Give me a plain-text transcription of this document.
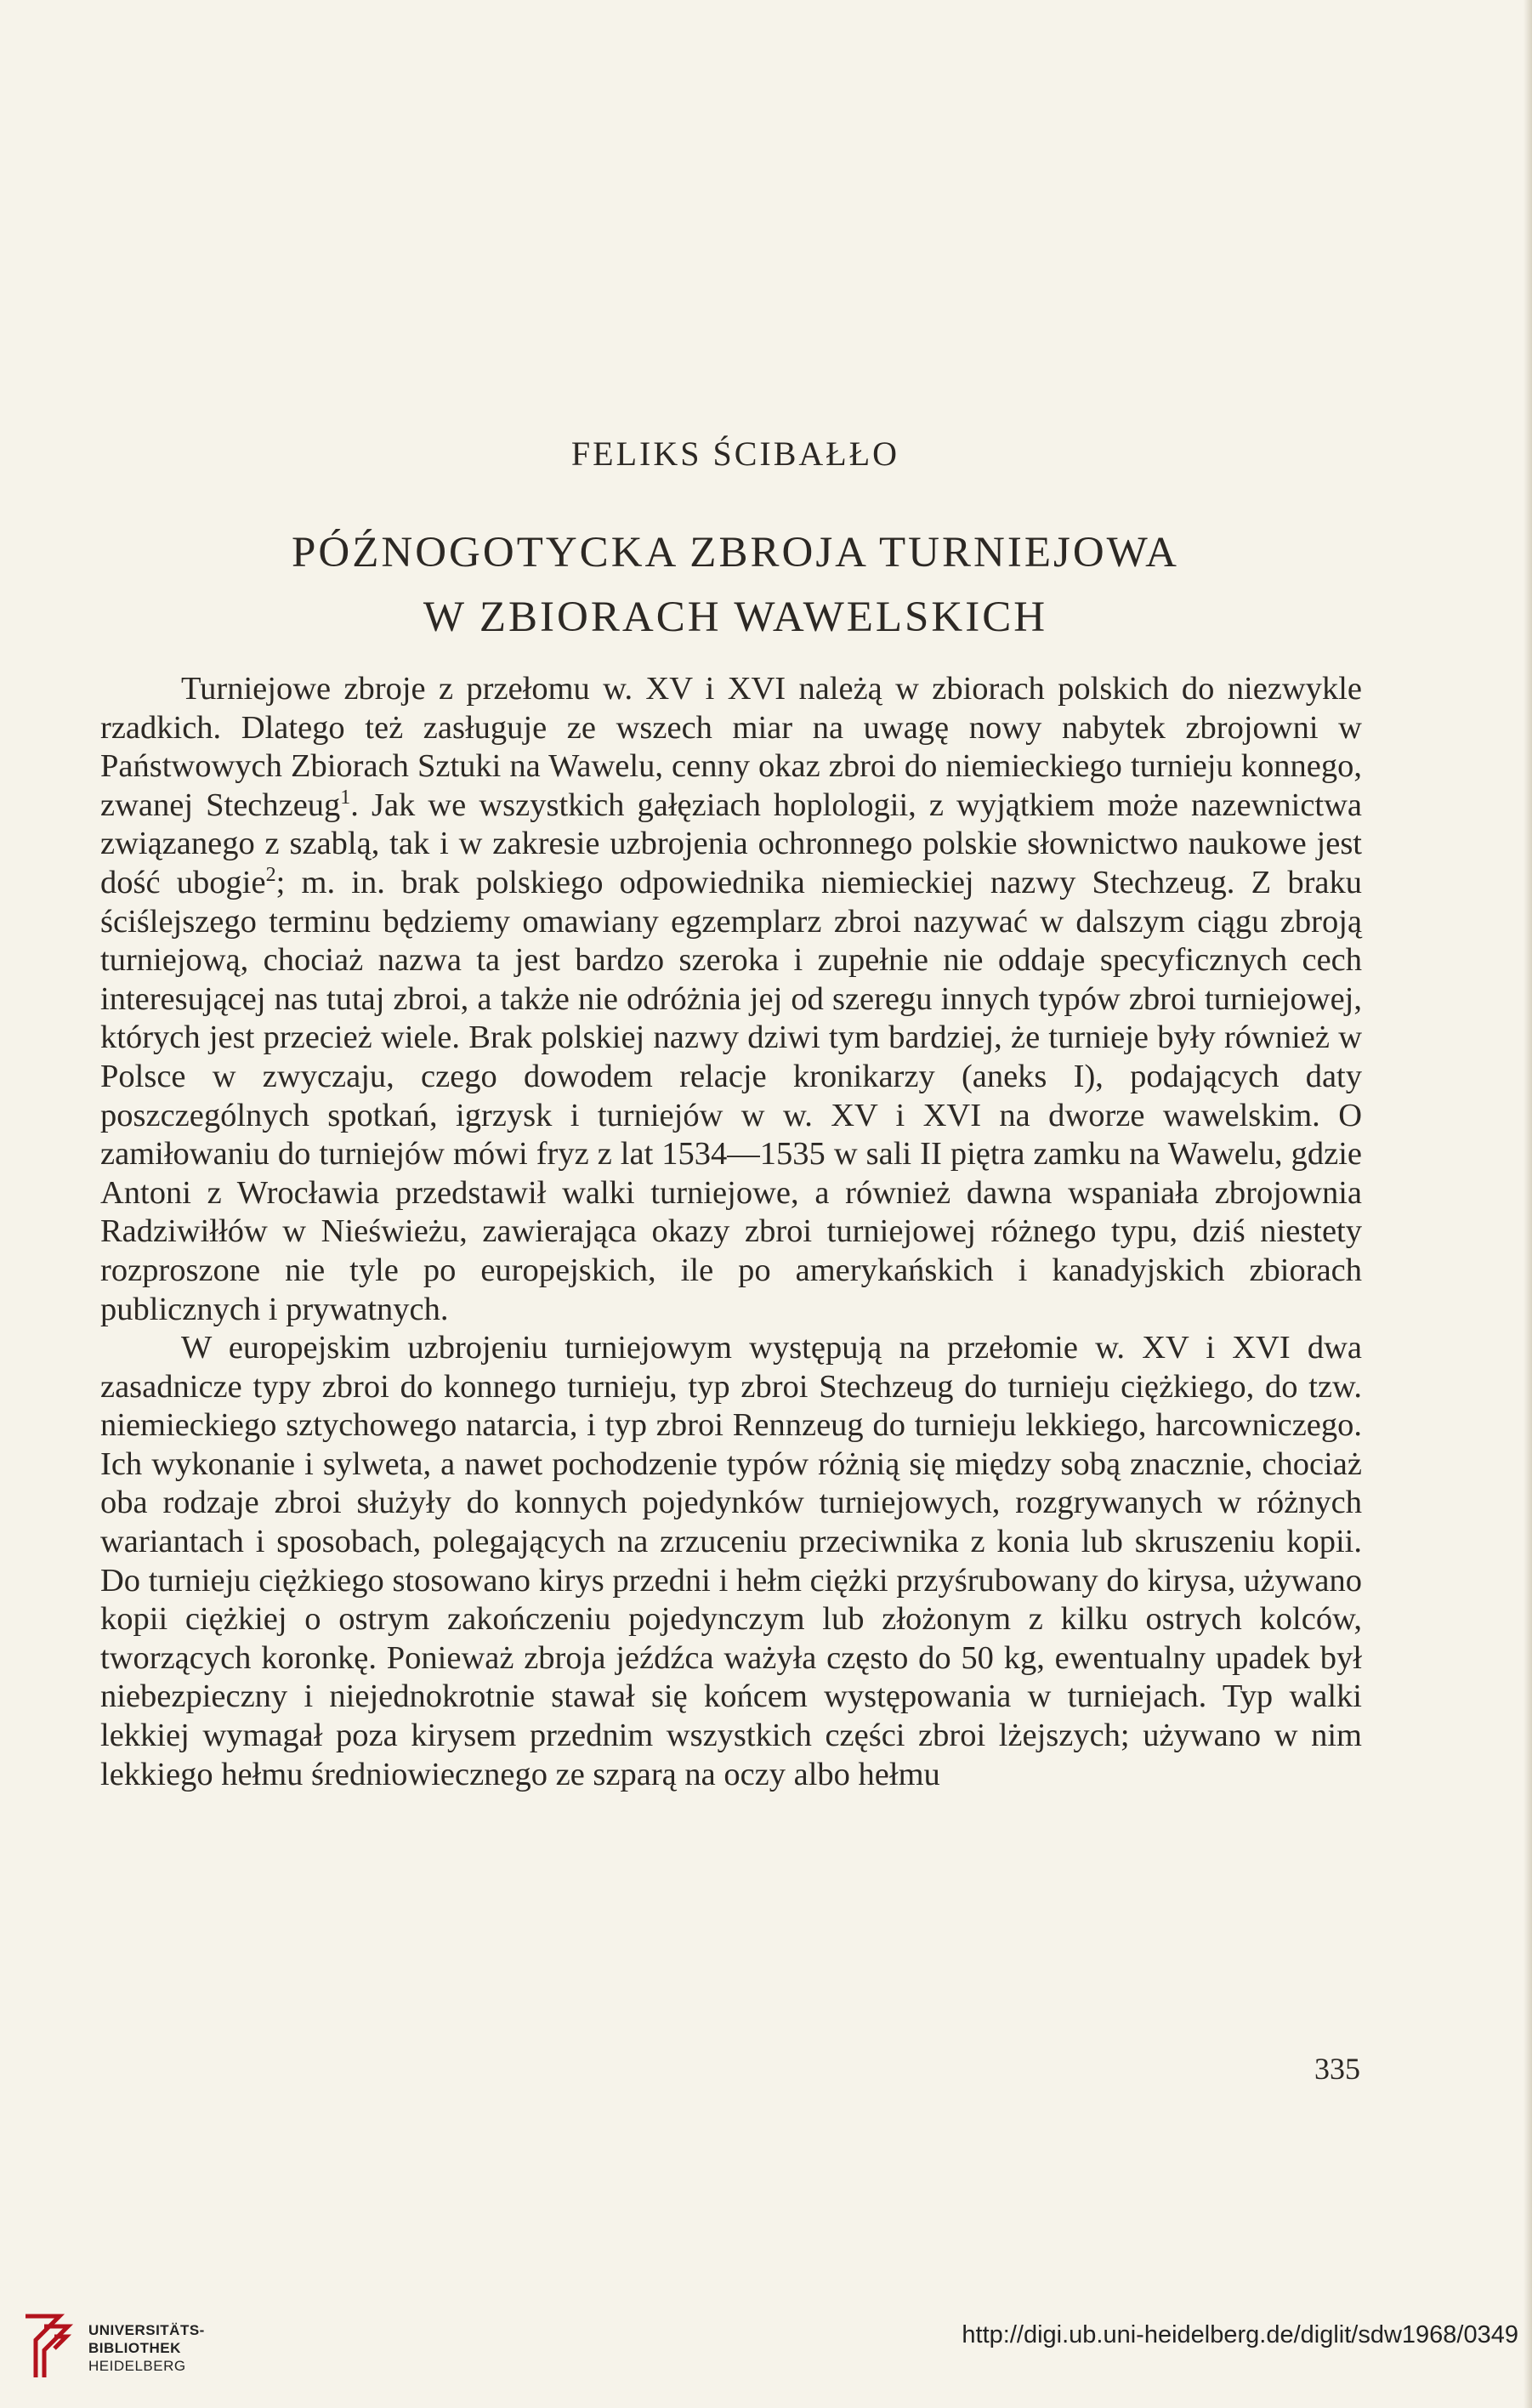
FELIKS ŚCIBAŁŁO
PÓŹNOGOTYCKA ZBROJA TURNIEJOWA
W ZBIORACH WAWELSKICH

Turniejowe zbroje z przełomu w. XV i XVI należą w zbiorach polskich do niezwykle rzadkich. Dlatego też zasługuje ze wszech miar na uwagę nowy nabytek zbrojowni w Państwowych Zbiorach Sztuki na Wawelu, cenny okaz zbroi do niemieckiego turnieju konnego, zwanej Stechzeug$^1$. Jak we wszystkich gałęziach hoplologii, z wyjątkiem może nazewnictwa związanego z szablą, tak i w zakresie uzbrojenia ochronnego polskie słownictwo naukowe jest dość ubogie$^2$; m. in. brak polskiego odpowiednika niemieckiej nazwy Stechzeug. Z braku ściślejszego terminu będziemy omawiany egzemplarz zbroi nazywać w dalszym ciągu zbroją turniejową, chociaż nazwa ta jest bardzo szeroka i zupełnie nie oddaje specyficznych cech interesującej nas tutaj zbroi, a także nie odróżnia jej od szeregu innych typów zbroi turniejowej, których jest przecież wiele. Brak polskiej nazwy dziwi tym bardziej, że turnieje były również w Polsce w zwyczaju, czego dowodem relacje kronikarzy (aneks I), podających daty poszczególnych spotkań, igrzysk i turniejów w w. XV i XVI na dworze wawelskim. O zamiłowaniu do turniejów mówi fryz z lat 1534—1535 w sali II piętra zamku na Wawelu, gdzie Antoni z Wrocławia przedstawił walki turniejowe, a również dawna wspaniała zbrojownia Radziwiłłów w Nieświeżu, zawierająca okazy zbroi turniejowej różnego typu, dziś niestety rozproszone nie tyle po europejskich, ile po amerykańskich i kanadyjskich zbiorach publicznych i prywatnych.

W europejskim uzbrojeniu turniejowym występują na przełomie w. XV i XVI dwa zasadnicze typy zbroi do konnego turnieju, typ zbroi Stechzeug do turnieju ciężkiego, do tzw. niemieckiego sztychowego natarcia, i typ zbroi Rennzeug do turnieju lekkiego, harcowniczego. Ich wykonanie i sylweta, a nawet pochodzenie typów różnią się między sobą znacznie, chociaż oba rodzaje zbroi służyły do konnych pojedynków turniejowych, rozgrywanych w różnych wariantach i sposobach, polegających na zrzuceniu przeciwnika z konia lub skruszeniu kopii. Do turnieju ciężkiego stosowano kirys przedni i hełm ciężki przyśrubowany do kirysa, używano kopii ciężkiej o ostrym zakończeniu pojedynczym lub złożonym z kilku ostrych kolców, tworzących koronkę. Ponieważ zbroja jeźdźca ważyła często do 50 kg, ewentualny upadek był niebezpieczny i niejednokrotnie stawał się końcem występowania w turniejach. Typ walki lekkiej wymagał poza kirysem przednim wszystkich części zbroi lżejszych; używano w nim lekkiego hełmu średniowiecznego ze szparą na oczy albo hełmu

335
UNIVERSITÄTS-
BIBLIOTHEK
HEIDELBERG
http://digi.ub.uni-heidelberg.de/diglit/sdw1968/0349
